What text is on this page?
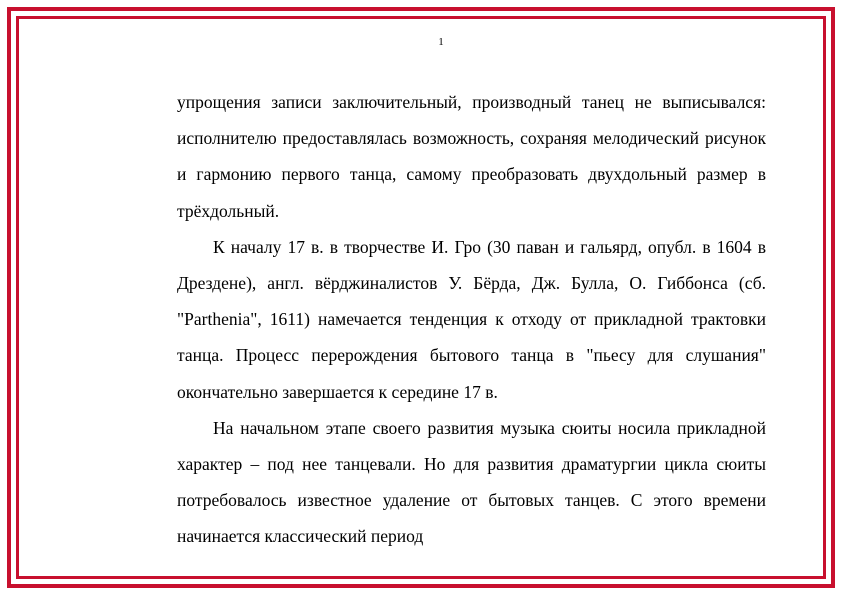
1

упрощения записи заключительный, производный танец не выписывался: исполнителю предоставлялась возможность, сохраняя мелодический рисунок и гармонию первого танца, самому преобразовать двухдольный размер в трёхдольный.

К началу 17 в. в творчестве И. Гро (30 паван и гальярд, опубл. в 1604 в Дрездене), англ. вёрджиналистов У. Бёрда, Дж. Булла, О. Гиббонса (сб. "Parthenia", 1611) намечается тенденция к отходу от прикладной трактовки танца. Процесс перерождения бытового танца в "пьесу для слушания" окончательно завершается к середине 17 в.

На начальном этапе своего развития музыка сюиты носила прикладной характер – под нее танцевали. Но для развития драматургии цикла сюиты потребовалось известное удаление от бытовых танцев. С этого времени начинается классический период
